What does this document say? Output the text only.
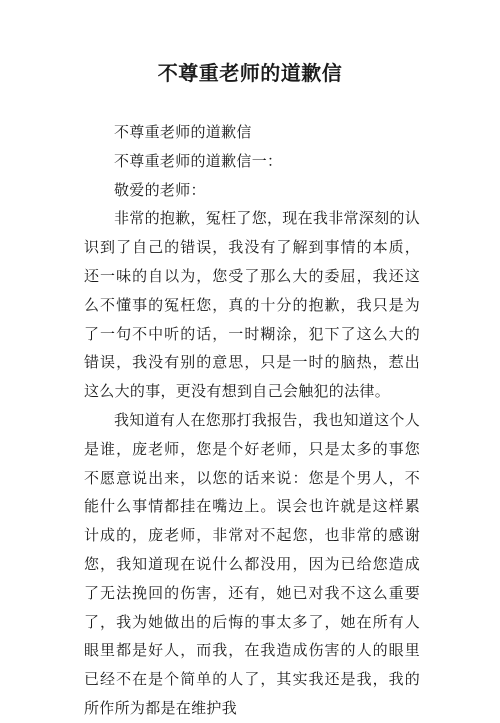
不尊重老师的道歉信

不尊重老师的道歉信

不尊重老师的道歉信一：

敬爱的老师：

非常的抱歉，冤枉了您，现在我非常深刻的认识到了自己的错误，我没有了解到事情的本质，还一味的自以为，您受了那么大的委屈，我还这么不懂事的冤枉您，真的十分的抱歉，我只是为了一句不中听的话，一时糊涂，犯下了这么大的错误，我没有别的意思，只是一时的脑热，惹出这么大的事，更没有想到自己会触犯的法律。

我知道有人在您那打我报告，我也知道这个人是谁，庞老师，您是个好老师，只是太多的事您不愿意说出来，以您的话来说：您是个男人，不能什么事情都挂在嘴边上。误会也许就是这样累计成的，庞老师，非常对不起您，也非常的感谢您，我知道现在说什么都没用，因为已给您造成了无法挽回的伤害，还有，她已对我不这么重要了，我为她做出的后悔的事太多了，她在所有人眼里都是好人，而我，在我造成伤害的人的眼里已经不在是个简单的人了，其实我还是我，我的所作所为都是在维护我
